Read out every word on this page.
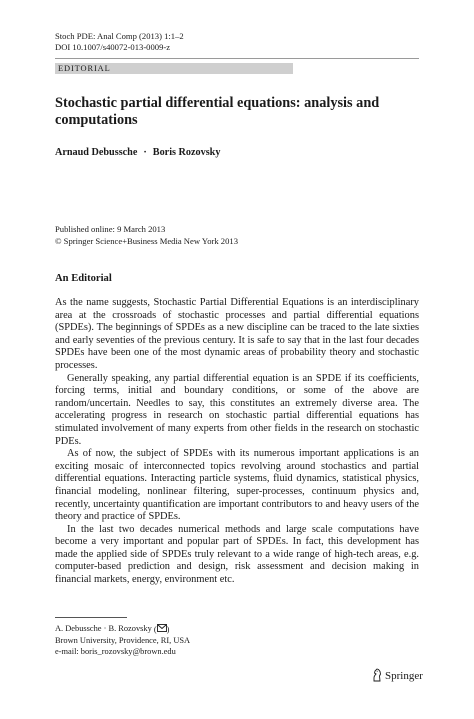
Stoch PDE: Anal Comp (2013) 1:1–2
DOI 10.1007/s40072-013-0009-z
EDITORIAL
Stochastic partial differential equations: analysis and computations
Arnaud Debussche · Boris Rozovsky
Published online: 9 March 2013
© Springer Science+Business Media New York 2013
An Editorial

As the name suggests, Stochastic Partial Differential Equations is an interdisciplinary area at the crossroads of stochastic processes and partial differential equations (SPDEs). The beginnings of SPDEs as a new discipline can be traced to the late sixties and early seventies of the previous century. It is safe to say that in the last four decades SPDEs have been one of the most dynamic areas of probability theory and stochastic processes.

Generally speaking, any partial differential equation is an SPDE if its coefficients, forcing terms, initial and boundary conditions, or some of the above are random/uncertain. Needles to say, this constitutes an extremely diverse area. The accelerating progress in research on stochastic partial differential equations has stimulated involvement of many experts from other fields in the research on stochastic PDEs.

As of now, the subject of SPDEs with its numerous important applications is an exciting mosaic of interconnected topics revolving around stochastics and partial differential equations. Interacting particle systems, fluid dynamics, statistical physics, financial modeling, nonlinear filtering, super-processes, continuum physics and, recently, uncertainty quantification are important contributors to and heavy users of the theory and practice of SPDEs.

In the last two decades numerical methods and large scale computations have become a very important and popular part of SPDEs. In fact, this development has made the applied side of SPDEs truly relevant to a wide range of high-tech areas, e.g. computer-based prediction and design, risk assessment and decision making in financial markets, energy, environment etc.

A. Debussche · B. Rozovsky ( )
Brown University, Providence, RI, USA
e-mail: boris_rozovsky@brown.edu
Springer
